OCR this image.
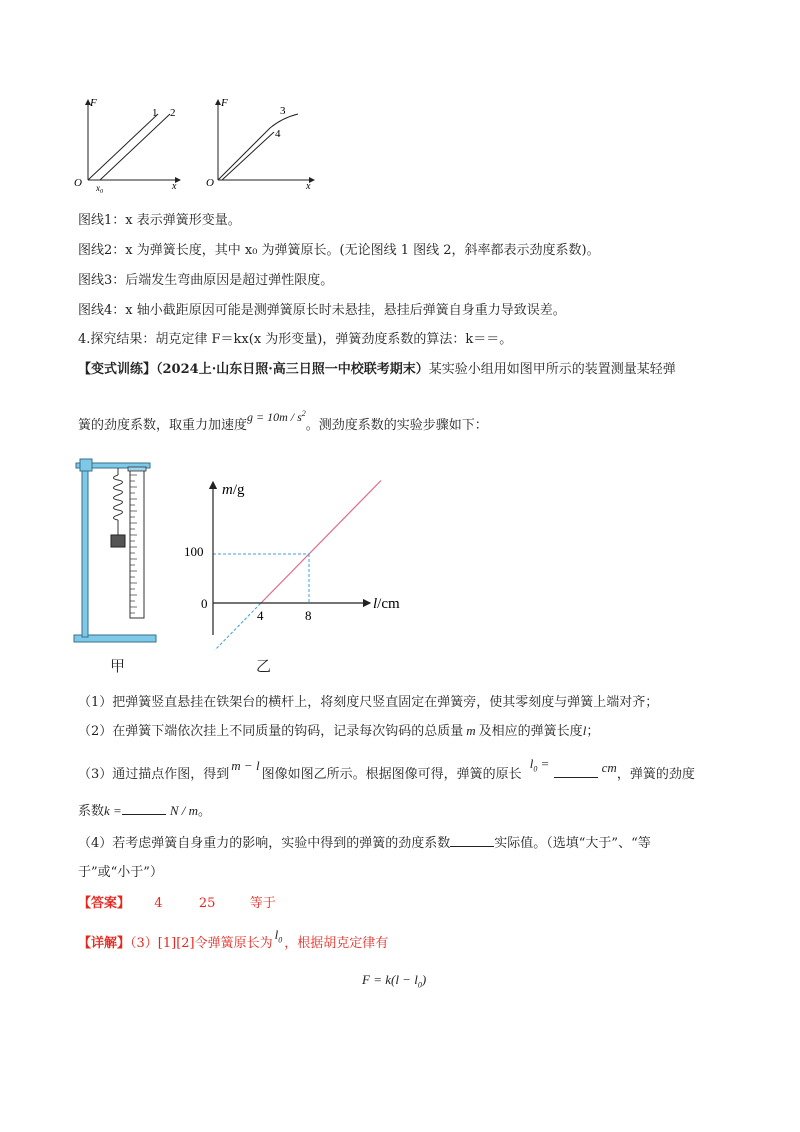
F
O	x
$x_0$
1 2
F
O	x
3
4
图线1：x 表示弹簧形变量。
图线2：x 为弹簧长度，其中 x₀ 为弹簧原长。(无论图线 1 图线 2，斜率都表示劲度系数)。
图线3：后端发生弯曲原因是超过弹性限度。
图线4：x 轴小截距原因可能是测弹簧原长时未悬挂，悬挂后弹簧自身重力导致误差。
4.探究结果：胡克定律 F＝kx(x 为形变量)，弹簧劲度系数的算法：k＝＝。
【变式训练】（2024上·山东日照·高三日照一中校联考期末）某实验小组用如图甲所示的装置测量某轻弹
簧的劲度系数，取重力加速度$g = 10m / s^2$。测劲度系数的实验步骤如下：
m/g
l/cm
100
0
4	8
甲	乙
（1）把弹簧竖直悬挂在铁架台的横杆上，将刻度尺竖直固定在弹簧旁，使其零刻度与弹簧上端对齐；
（2）在弹簧下端依次挂上不同质量的钩码，记录每次钩码的总质量 m 及相应的弹簧长度l；
（3）通过描点作图，得到m − l图像如图乙所示。根据图像可得，弹簧的原长 $l_0$ =	cm，弹簧的劲度
系数k =	N / m。
（4）若考虑弹簧自身重力的影响，实验中得到的弹簧的劲度系数	实际值。（选填“大于”、“等
于”或“小于”）
【答案】 4	25	等于
【详解】（3）[1][2]令弹簧原长为$l_0$ ，根据胡克定律有
$F = k(l - l_0)$
